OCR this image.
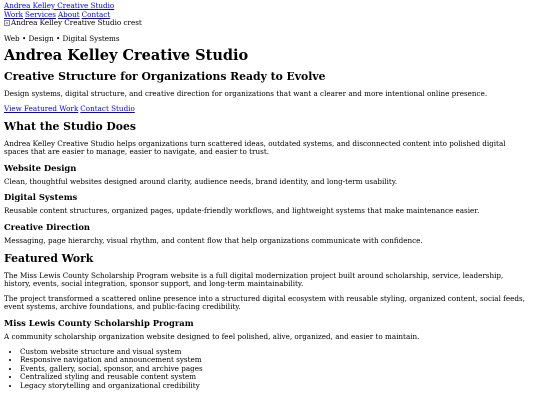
Andrea Kelley Creative Studio
Work Services About Contact
Andrea Kelley Creative Studio crest

Web • Design • Digital Systems

Andrea Kelley Creative Studio
Creative Structure for Organizations Ready to Evolve

Design systems, digital structure, and creative direction for organizations that want a clearer and more intentional online presence.

View Featured Work Contact Studio

What the Studio Does

Andrea Kelley Creative Studio helps organizations turn scattered ideas, outdated systems, and disconnected content into polished digital spaces that are easier to manage, easier to navigate, and easier to trust.

Website Design

Clean, thoughtful websites designed around clarity, audience needs, brand identity, and long-term usability.

Digital Systems

Reusable content structures, organized pages, update-friendly workflows, and lightweight systems that make maintenance easier.

Creative Direction

Messaging, page hierarchy, visual rhythm, and content flow that help organizations communicate with confidence.

Featured Work

The Miss Lewis County Scholarship Program website is a full digital modernization project built around scholarship, service, leadership, history, events, social integration, sponsor support, and long-term maintainability.

The project transformed a scattered online presence into a structured digital ecosystem with reusable styling, organized content, social feeds, event systems, archive foundations, and public-facing credibility.

Miss Lewis County Scholarship Program

A community scholarship organization website designed to feel polished, alive, organized, and easier to maintain.

• Custom website structure and visual system
• Responsive navigation and announcement system
• Events, gallery, social, sponsor, and archive pages
• Centralized styling and reusable content system
• Legacy storytelling and organizational credibility
